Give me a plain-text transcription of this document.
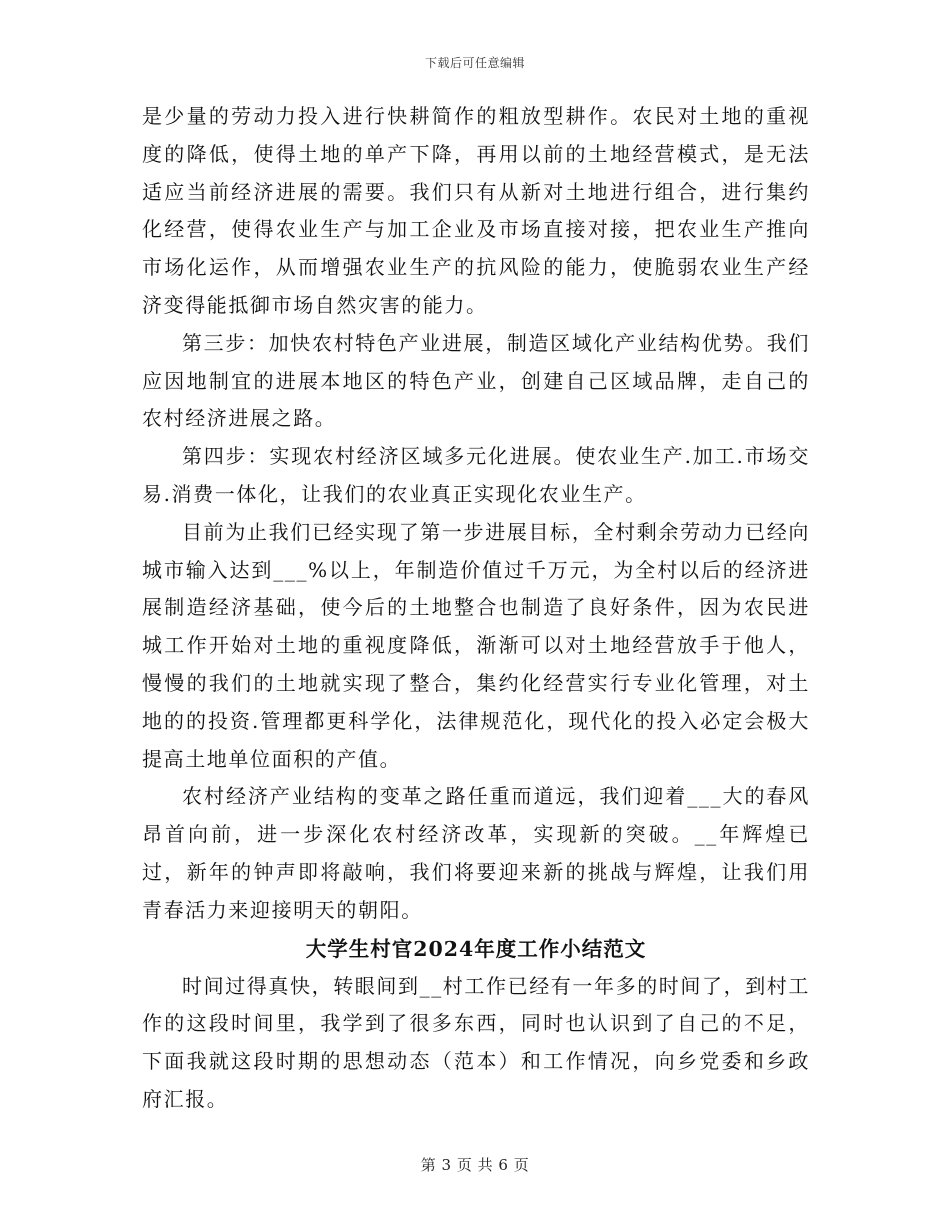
下载后可任意编辑

是少量的劳动力投入进行快耕简作的粗放型耕作。农民对土地的重视度的降低，使得土地的单产下降，再用以前的土地经营模式，是无法适应当前经济进展的需要。我们只有从新对土地进行组合，进行集约化经营，使得农业生产与加工企业及市场直接对接，把农业生产推向市场化运作，从而增强农业生产的抗风险的能力，使脆弱农业生产经济变得能抵御市场自然灾害的能力。

第三步：加快农村特色产业进展，制造区域化产业结构优势。我们应因地制宜的进展本地区的特色产业，创建自己区域品牌，走自己的农村经济进展之路。

第四步：实现农村经济区域多元化进展。使农业生产.加工.市场交易.消费一体化，让我们的农业真正实现化农业生产。

目前为止我们已经实现了第一步进展目标，全村剩余劳动力已经向城市输入达到___%以上，年制造价值过千万元，为全村以后的经济进展制造经济基础，使今后的土地整合也制造了良好条件，因为农民进城工作开始对土地的重视度降低，渐渐可以对土地经营放手于他人，慢慢的我们的土地就实现了整合，集约化经营实行专业化管理，对土地的的投资.管理都更科学化，法律规范化，现代化的投入必定会极大提高土地单位面积的产值。

农村经济产业结构的变革之路任重而道远，我们迎着___大的春风昂首向前，进一步深化农村经济改革，实现新的突破。__年辉煌已过，新年的钟声即将敲响，我们将要迎来新的挑战与辉煌，让我们用青春活力来迎接明天的朝阳。

大学生村官2024年度工作小结范文

时间过得真快，转眼间到__村工作已经有一年多的时间了，到村工作的这段时间里，我学到了很多东西，同时也认识到了自己的不足，下面我就这段时期的思想动态（范本）和工作情况，向乡党委和乡政府汇报。

第 3 页 共 6 页
